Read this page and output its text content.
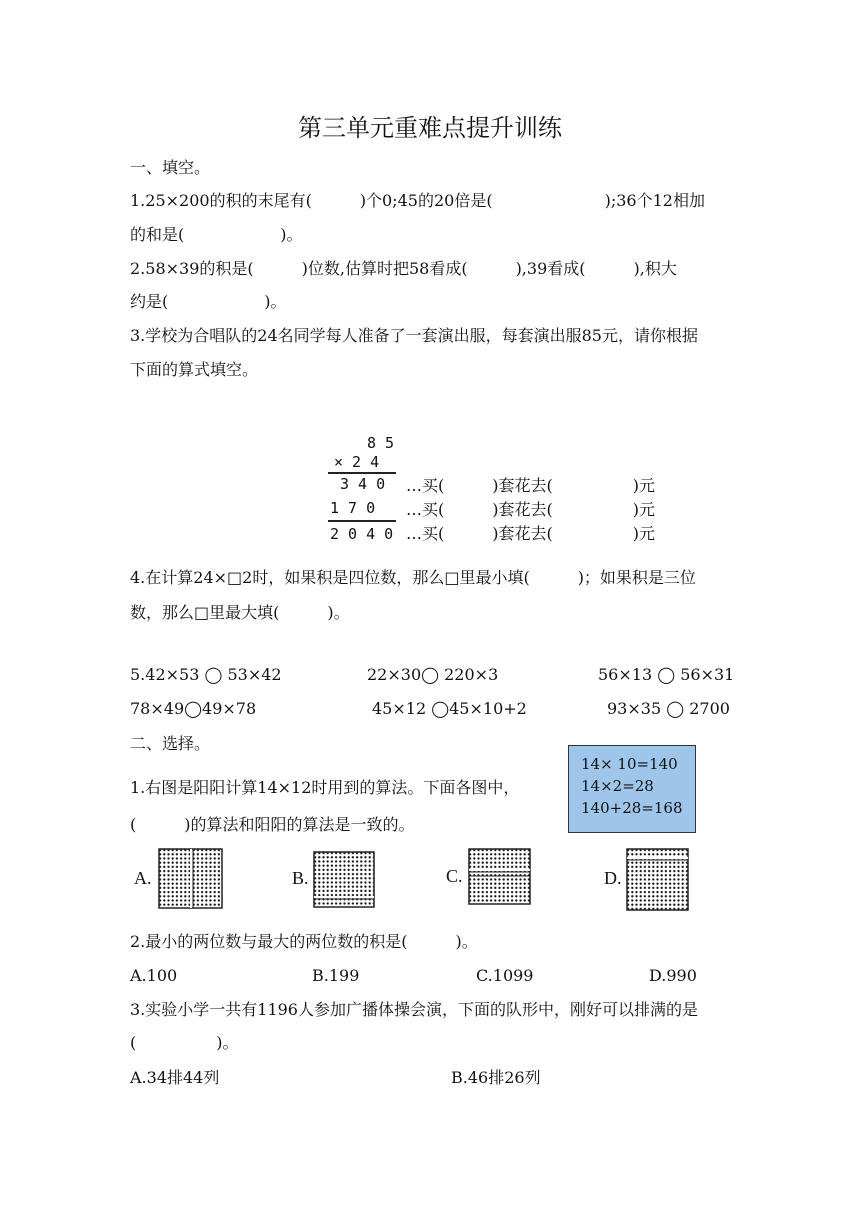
第三单元重难点提升训练
一、填空。
1.25×200的积的末尾有(　　　)个0;45的20倍是(　　　　　　　);36个12相加
的和是(　　　　　　)。
2.58×39的积是(　　　)位数,估算时把58看成(　　　),39看成(　　　),积大
约是(　　　　　　)。
3.学校为合唱队的24名同学每人准备了一套演出服，每套演出服85元，请你根据
下面的算式填空。
8 5
× 2 4
3 4 0
1 7 0
2 0 4 0
…买(　　　)套花去(　　　　　)元
…买(　　　)套花去(　　　　　)元
…买(　　　)套花去(　　　　　)元
4.在计算24×□2时，如果积是四位数，那么□里最小填(　　　)；如果积是三位
数，那么□里最大填(　　　)。
5.42×53 ◯ 53×42	22×30◯ 220×3	56×13 ◯ 56×31
78×49◯49×78	45×12 ◯45×10+2	93×35 ◯ 2700
二、选择。
1.右图是阳阳计算14×12时用到的算法。下面各图中，
(　　　)的算法和阳阳的算法是一致的。
14× 10=140
14×2=28
140+28=168
A.	B.	C.	D.
2.最小的两位数与最大的两位数的积是(　　　)。
A.100	B.199	C.1099	D.990
3.实验小学一共有1196人参加广播体操会演，下面的队形中，刚好可以排满的是
(　　　　　)。
A.34排44列	B.46排26列
